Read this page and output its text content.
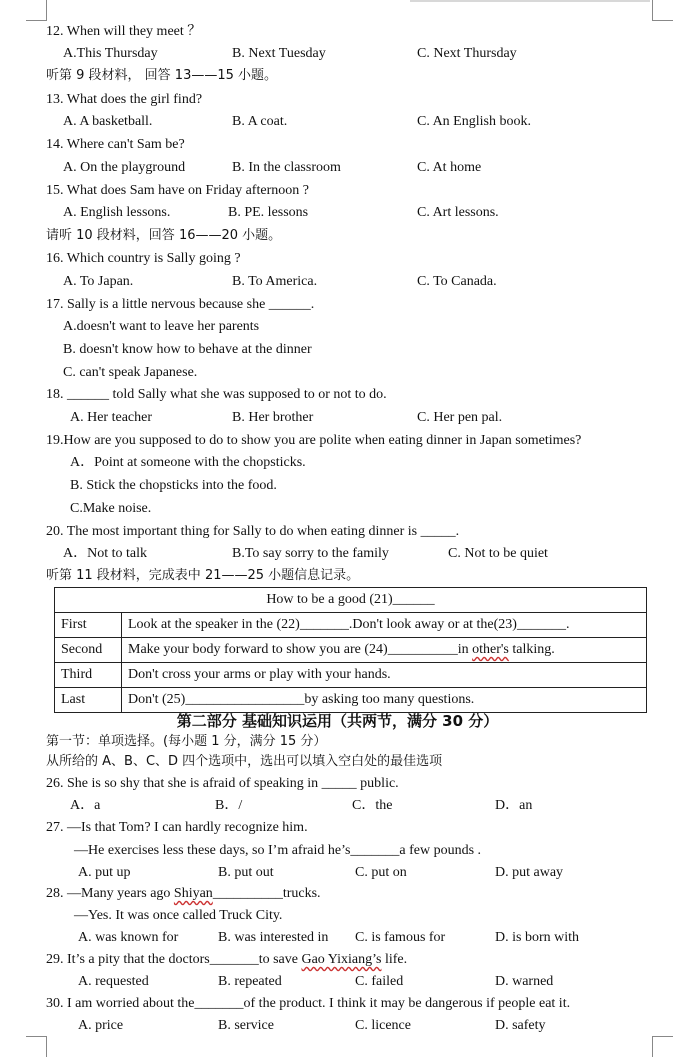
12. When will they meet ？
A.This Thursday	B. Next Tuesday	C. Next Thursday
听第 9 段材料， 回答 13——15 小题。
13. What does the girl find?
A. A basketball.	B. A coat.	C. An English book.
14. Where can't Sam be?
A. On the playground	B. In the classroom	C. At home
15. What does Sam have on Friday afternoon ?
A. English lessons.	B. PE. lessons	C. Art lessons.
请听 10 段材料，回答 16——20 小题。
16. Which country is Sally going ?
A. To Japan.	B. To America.	C. To Canada.
17. Sally is a little nervous because she ______.
A.doesn't want to leave her parents
B. doesn't know how to behave at the dinner
C. can't speak Japanese.
18. ______ told Sally what she was supposed to or not to do.
A. Her teacher	B. Her brother	C. Her pen pal.
19.How are you supposed to do to show you are polite when eating dinner in Japan sometimes?
A．Point at someone with the chopsticks.
B. Stick the chopsticks into the food.
C.Make noise.
20. The most important thing for Sally to do when eating dinner is _____.
A．Not to talk	B.To say sorry to the family	C. Not to be quiet
听第 11 段材料，完成表中 21——25 小题信息记录。
How to be a good (21)______	
First	Look at the speaker in the (22)_______.Don't look away or at the(23)_______.
Second	Make your body forward to show you are (24)__________in other's talking.
Third	Don't cross your arms or play with your hands.
Last	Don't (25)_________________by asking too many questions.
第二部分 基础知识运用（共两节，满分 30 分）
第一节：单项选择。(每小题 1 分，满分 15 分）
从所给的 A、B、C、D 四个选项中，选出可以填入空白处的最佳选项
26. She is so shy that she is afraid of speaking in _____ public.
A．a	B．/	C．the	D．an
27. —Is that Tom? I can hardly recognize him.
—He exercises less these days, so I’m afraid he’s_______a few pounds .
A. put up	B. put out	C. put on	D. put away
28. —Many years ago Shiyan__________trucks.
—Yes. It was once called Truck City.
A. was known for	B. was interested in C. is famous for	D. is born with
29. It’s a pity that the doctors_______to save Gao Yixiang’s life.
A. requested	B. repeated	C. failed	D. warned
30. I am worried about the_______of the product. I think it may be dangerous if people eat it.
A. price	B. service	C. licence	D. safety
